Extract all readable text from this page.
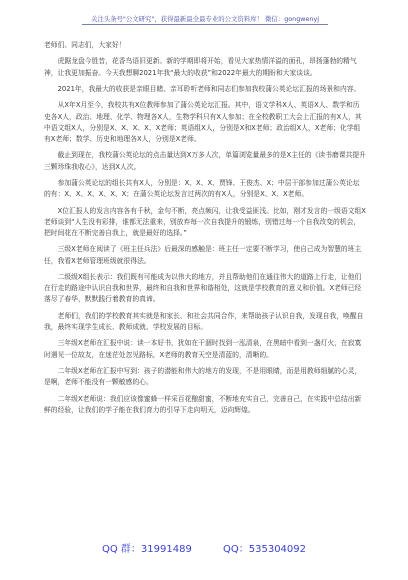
关注头条号"公文研究"，获得最新最全最专业的公文资料库！ 微信：gongwenyj

老师们、同志们，大家好！

虎踞龙盘今胜昔，花香鸟语旧更新。新的学期即将开始，看见大家热情洋溢的面孔，昂扬蓬勃的精气神，让我更加振奋。今天我想聊2021年我“最大的收获”和2022年最大的期盼和大家谈谈。

2021年，我最大的收获是亲眼目睹、亲耳聆听老师和同志们参加我校蒲公英论坛汇报的场景和内容。

从X年X月至今，我校共有X位教师参加了蒲公英论坛汇报。其中，语文学科X人、英语X人、数学和历史各X人，政治、地理、化学、物理各X人，生物学科只有X人参加；在全校教职工大会上汇报的有X人，其中语文组X人，分别是X、X、X、X、X老师；英语组X人，分别是X和X老师；政治组X人，X老师；化学组有X老师；数学、历史和地理各X人，分别是X老师。

截止到现在，我校蒲公英论坛的点击量达到X万多人次，单篇浏览量最多的是X主任的《读书磨课共提升三颗珍珠我收心》，达到X人次。

参加蒲公英论坛的组长共有X人，分别是：X、X、X、贾锋、王俊杰、X；中层干部参加过蒲公英论坛的有：X、X、X、X、X、X；在蒲公英论坛发言过两次的有X人，分别是X、X、X老师。

X位汇报人的发言内容各有千秋，金句不断，亮点频闪，让我受益匪浅。比如，刚才发言的一级语文组X老师谈到“人生没有彩排，谁都无法重来，别放弃每一次自我提升的锻炼，别错过每一个自我改变的机会，把时间花在不断完善自我上，就是最好的选择。”

三级X老师在阅读了《班主任兵法》后最深的感触是：班主任一定要不断学习，使自己成为智慧的班主任，我看X老师管理班级就很得法。

二级级X组长表示：我们既有可能成为以伟大的地方，并且帮助他们在通往伟大的道路上行走，让他们在行走的路途中认识自我和世界，最终和自我和世界和谐相处，这就是学校教育的意义和价值。X老师已经落尽了春华，默默践行着教育的真谛。

老师们，我们的学校教育其实就是和家长、和社会共同合作，来帮助孩子认识自我，发现自我，唤醒自我，最终实现学生成长、教师成就、学校发展的目标。

三年级X老师在汇报中说：读一本好书，犹如在干涸时找到一泓清泉，在黑暗中看到一盏灯火，在寂寞时遇见一位故友，在迷茫处忽见路标，X老师的教育天空是清蓝的，清晰的。

二年级X老师在汇报中写到：孩子的潜能和伟大的地方的发现，不是用眼睛，而是用教师细腻的心灵，是啊，老师不能没有一颗敏感的心。

二年级X老师说：我们应该像蜜蜂一样采百花酿甜蜜，不断地充实自己，完善自己，在实践中总结出新鲜的经验，让我们的学子能在我们育力的引导下走向明天，迈向辉煌。

QQ 群：31991489	QQ：535304092
